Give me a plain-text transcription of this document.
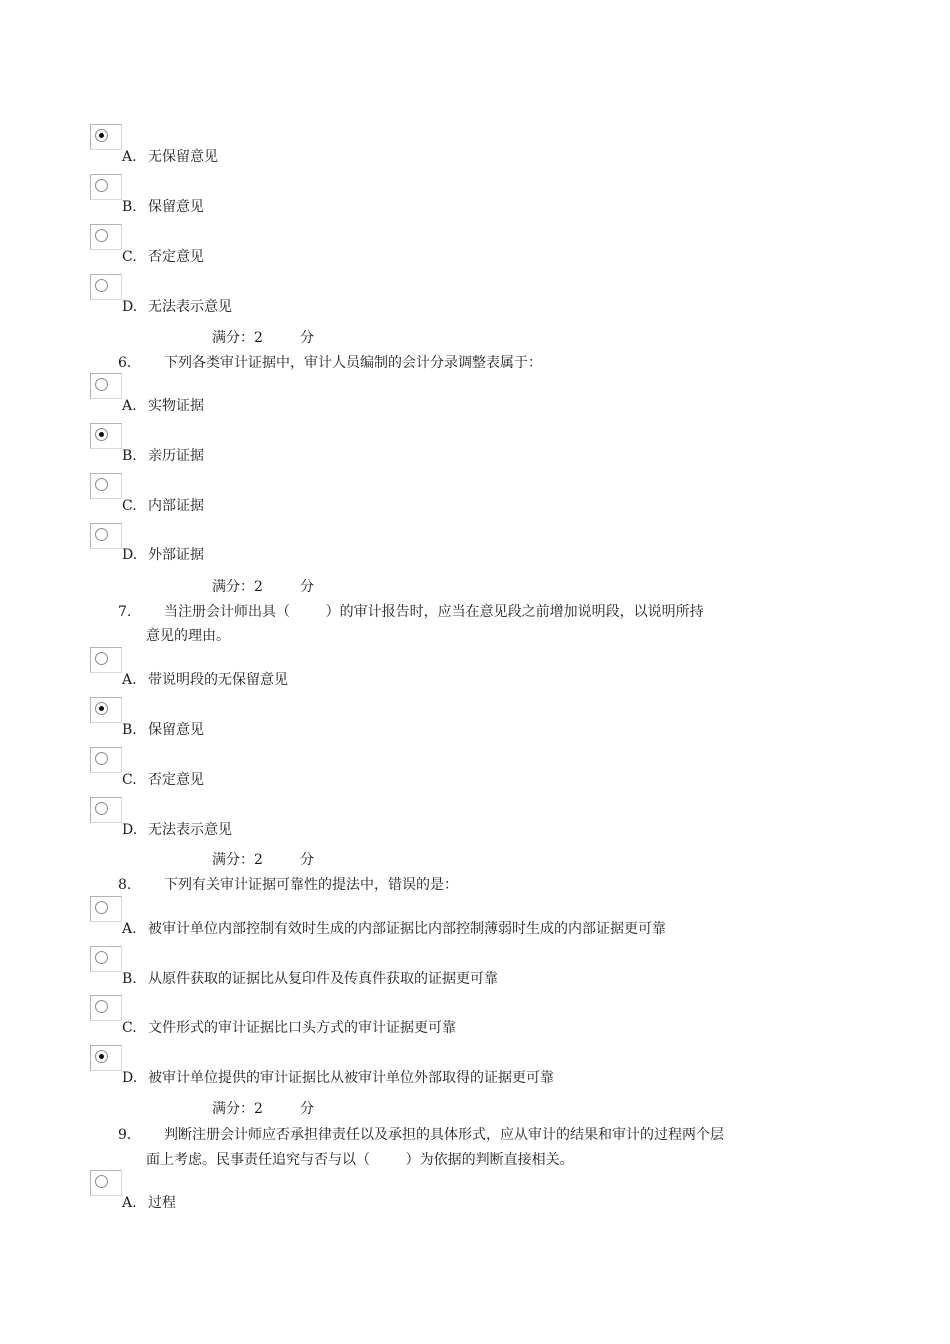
A. 无保留意见
B. 保留意见
C. 否定意见
D. 无法表示意见
满分：2	分
6. 下列各类审计证据中，审计人员编制的会计分录调整表属于：
A. 实物证据
B. 亲历证据
C. 内部证据
D. 外部证据
满分：2	分
7. 当注册会计师出具（        ）的审计报告时，应当在意见段之前增加说明段，以说明所持
意见的理由。
A. 带说明段的无保留意见
B. 保留意见
C. 否定意见
D. 无法表示意见
满分：2	分
8. 下列有关审计证据可靠性的提法中，错误的是：
A. 被审计单位内部控制有效时生成的内部证据比内部控制薄弱时生成的内部证据更可靠
B. 从原件获取的证据比从复印件及传真件获取的证据更可靠
C. 文件形式的审计证据比口头方式的审计证据更可靠
D. 被审计单位提供的审计证据比从被审计单位外部取得的证据更可靠
满分：2	分
9. 判断注册会计师应否承担律责任以及承担的具体形式，应从审计的结果和审计的过程两个层
面上考虑。民事责任追究与否与以（        ）为依据的判断直接相关。
A. 过程
